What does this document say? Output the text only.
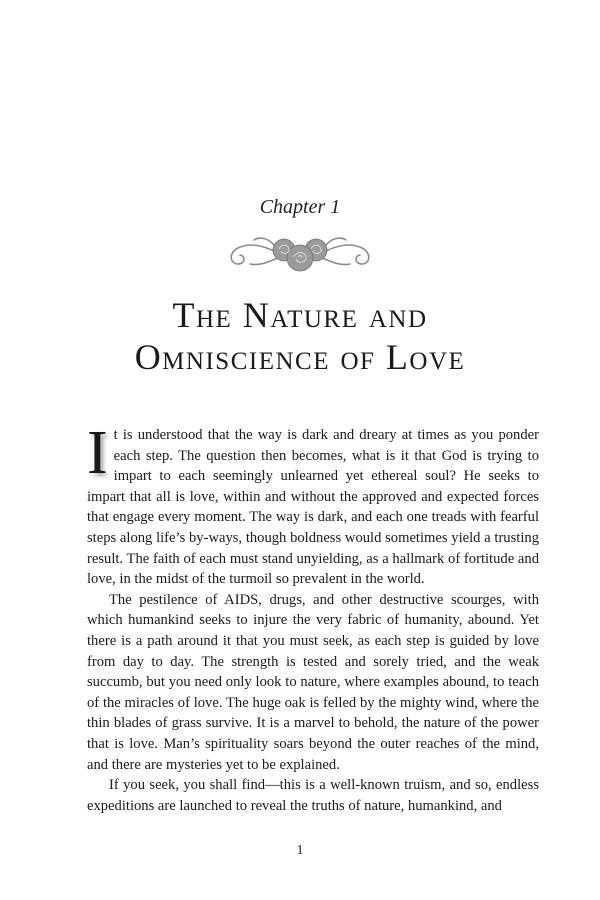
Chapter 1
The Nature and
Omniscience of Love

It is understood that the way is dark and dreary at times as you ponder each step. The question then becomes, what is it that God is trying to impart to each seemingly unlearned yet ethereal soul? He seeks to impart that all is love, within and without the approved and expected forces that engage every moment. The way is dark, and each one treads with fearful steps along life’s by-ways, though boldness would sometimes yield a trusting result. The faith of each must stand unyielding, as a hallmark of fortitude and love, in the midst of the turmoil so prevalent in the world.

The pestilence of AIDS, drugs, and other destructive scourges, with which humankind seeks to injure the very fabric of humanity, abound. Yet there is a path around it that you must seek, as each step is guided by love from day to day. The strength is tested and sorely tried, and the weak succumb, but you need only look to nature, where examples abound, to teach of the miracles of love. The huge oak is felled by the mighty wind, where the thin blades of grass survive. It is a marvel to behold, the nature of the power that is love. Man’s spirituality soars beyond the outer reaches of the mind, and there are mysteries yet to be explained.

If you seek, you shall find—this is a well-known truism, and so, endless expeditions are launched to reveal the truths of nature, humankind, and

1
